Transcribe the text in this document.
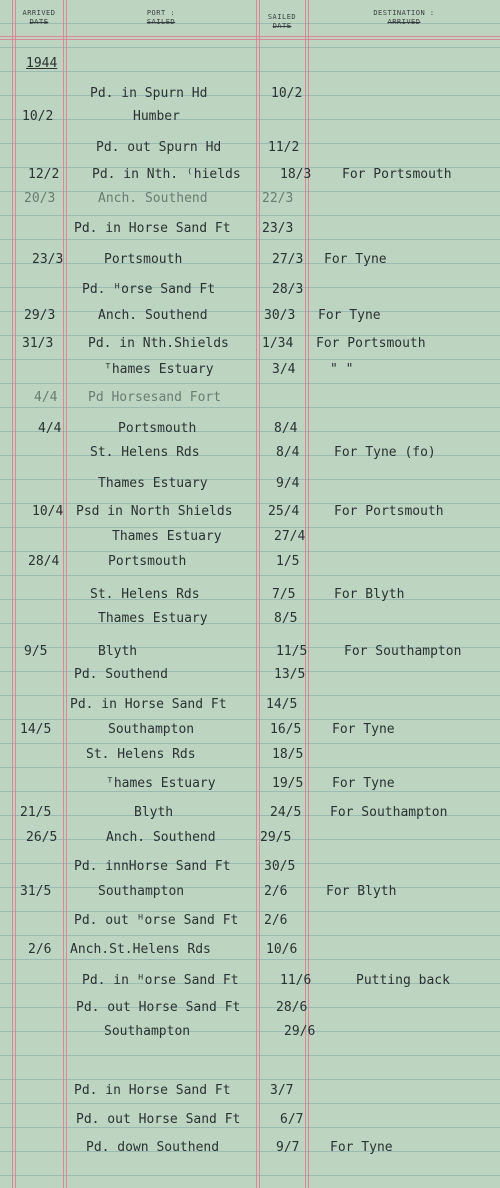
ARRIVED
DATE
PORT :
SAILED
SAILED
DATE
DESTINATION :
ARRIVED
1944
Pd. in Spurn Hd	10/2
10/2	Humber
Pd. out Spurn Hd	11/2
12/2	Pd. in Nth. ⁽hields	18/3 For Portsmouth
20/3	Anch. Southend	22/3
Pd. in Horse Sand Ft 23/3
23/3	Portsmouth	27/3 For Tyne
Pd. ᴴorse Sand Ft	28/3
29/3	Anch. Southend	30/3 For Tyne
31/3	Pd. in Nth.Shields	1/34 For Portsmouth
ᵀhames Estuary	3/4	" "
4/4 Pd Horsesand Fort
4/4	Portsmouth	8/4
St. Helens Rds	8/4	For Tyne (fo)
Thames Estuary	9/4
10/4 Psd in North Shields	25/4	For Portsmouth
Thames Estuary	27/4
28/4	Portsmouth	1/5
St. Helens Rds	7/5	For Blyth
Thames Estuary	8/5
9/5	Blyth	11/5	For Southampton
Pd. Southend	13/5
Pd. in Horse Sand Ft	14/5
14/5	Southampton	16/5 For Tyne
St. Helens Rds	18/5
ᵀhames Estuary	19/5 For Tyne
21/5	Blyth	24/5 For Southampton
26/5	Anch. Southend	29/5
Pd. innHorse Sand Ft	30/5
31/5	Southampton	2/6	For Blyth
Pd. out ᴴorse Sand Ft 2/6
2/6 Anch.St.Helens Rds	10/6
Pd. in ᴴorse Sand Ft	11/6	Putting back
Pd. out Horse Sand Ft	28/6
Southampton	29/6
Pd. in Horse Sand Ft	3/7
Pd. out Horse Sand Ft	6/7
Pd. down Southend	9/7 For Tyne
